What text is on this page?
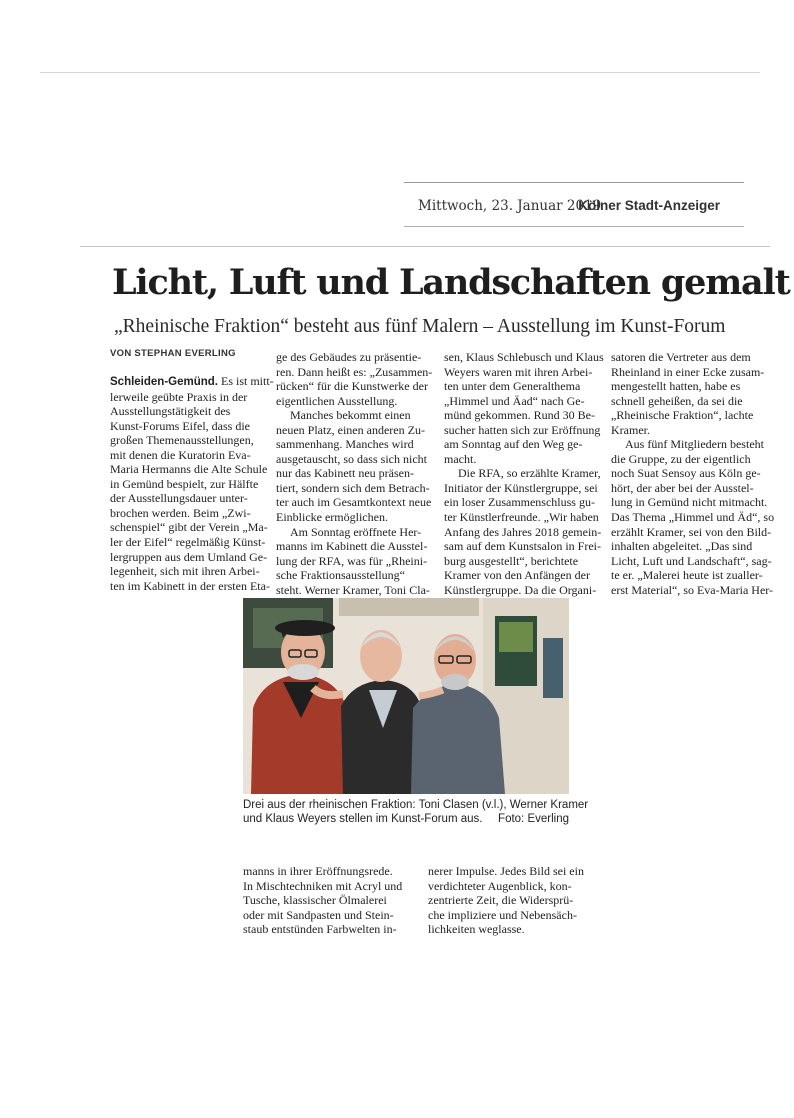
Mittwoch, 23. Januar 2019
Kölner Stadt-Anzeiger
Licht, Luft und Landschaften gemalt
„Rheinische Fraktion“ besteht aus fünf Malern – Ausstellung im Kunst-Forum
VON STEPHAN EVERLING
Schleiden-Gemünd. Es ist mitt-
lerweile geübte Praxis in der
Ausstellungstätigkeit des
Kunst-Forums Eifel, dass die
großen Themenausstellungen,
mit denen die Kuratorin Eva-
Maria Hermanns die Alte Schule
in Gemünd bespielt, zur Hälfte
der Ausstellungsdauer unter-
brochen werden. Beim „Zwi-
schenspiel“ gibt der Verein „Ma-
ler der Eifel“ regelmäßig Künst-
lergruppen aus dem Umland Ge-
legenheit, sich mit ihren Arbei-
ten im Kabinett in der ersten Eta-
ge des Gebäudes zu präsentie-
ren. Dann heißt es: „Zusammen-
rücken“ für die Kunstwerke der
eigentlichen Ausstellung.
Manches bekommt einen
neuen Platz, einen anderen Zu-
sammenhang. Manches wird
ausgetauscht, so dass sich nicht
nur das Kabinett neu präsen-
tiert, sondern sich dem Betrach-
ter auch im Gesamtkontext neue
Einblicke ermöglichen.
Am Sonntag eröffnete Her-
manns im Kabinett die Ausstel-
lung der RFA, was für „Rheini-
sche Fraktionsausstellung“
steht. Werner Kramer, Toni Cla-
sen, Klaus Schlebusch und Klaus
Weyers waren mit ihren Arbei-
ten unter dem Generalthema
„Himmel und Äad“ nach Ge-
münd gekommen. Rund 30 Be-
sucher hatten sich zur Eröffnung
am Sonntag auf den Weg ge-
macht.
Die RFA, so erzählte Kramer,
Initiator der Künstlergruppe, sei
ein loser Zusammenschluss gu-
ter Künstlerfreunde. „Wir haben
Anfang des Jahres 2018 gemein-
sam auf dem Kunstsalon in Frei-
burg ausgestellt“, berichtete
Kramer von den Anfängen der
Künstlergruppe. Da die Organi-
satoren die Vertreter aus dem
Rheinland in einer Ecke zusam-
mengestellt hatten, habe es
schnell geheißen, da sei die
„Rheinische Fraktion“, lachte
Kramer.
Aus fünf Mitgliedern besteht
die Gruppe, zu der eigentlich
noch Suat Sensoy aus Köln ge-
hört, der aber bei der Ausstel-
lung in Gemünd nicht mitmacht.
Das Thema „Himmel und Äd“, so
erzählt Kramer, sei von den Bild-
inhalten abgeleitet. „Das sind
Licht, Luft und Landschaft“, sag-
te er. „Malerei heute ist zualler-
erst Material“, so Eva-Maria Her-
Drei aus der rheinischen Fraktion: Toni Clasen (v.l.), Werner Kramer
und Klaus Weyers stellen im Kunst-Forum aus. Foto: Everling
manns in ihrer Eröffnungsrede.
In Mischtechniken mit Acryl und
Tusche, klassischer Ölmalerei
oder mit Sandpasten und Stein-
staub entstünden Farbwelten in-
nerer Impulse. Jedes Bild sei ein
verdichteter Augenblick, kon-
zentrierte Zeit, die Widersprü-
che impliziere und Nebensäch-
lichkeiten weglasse.
